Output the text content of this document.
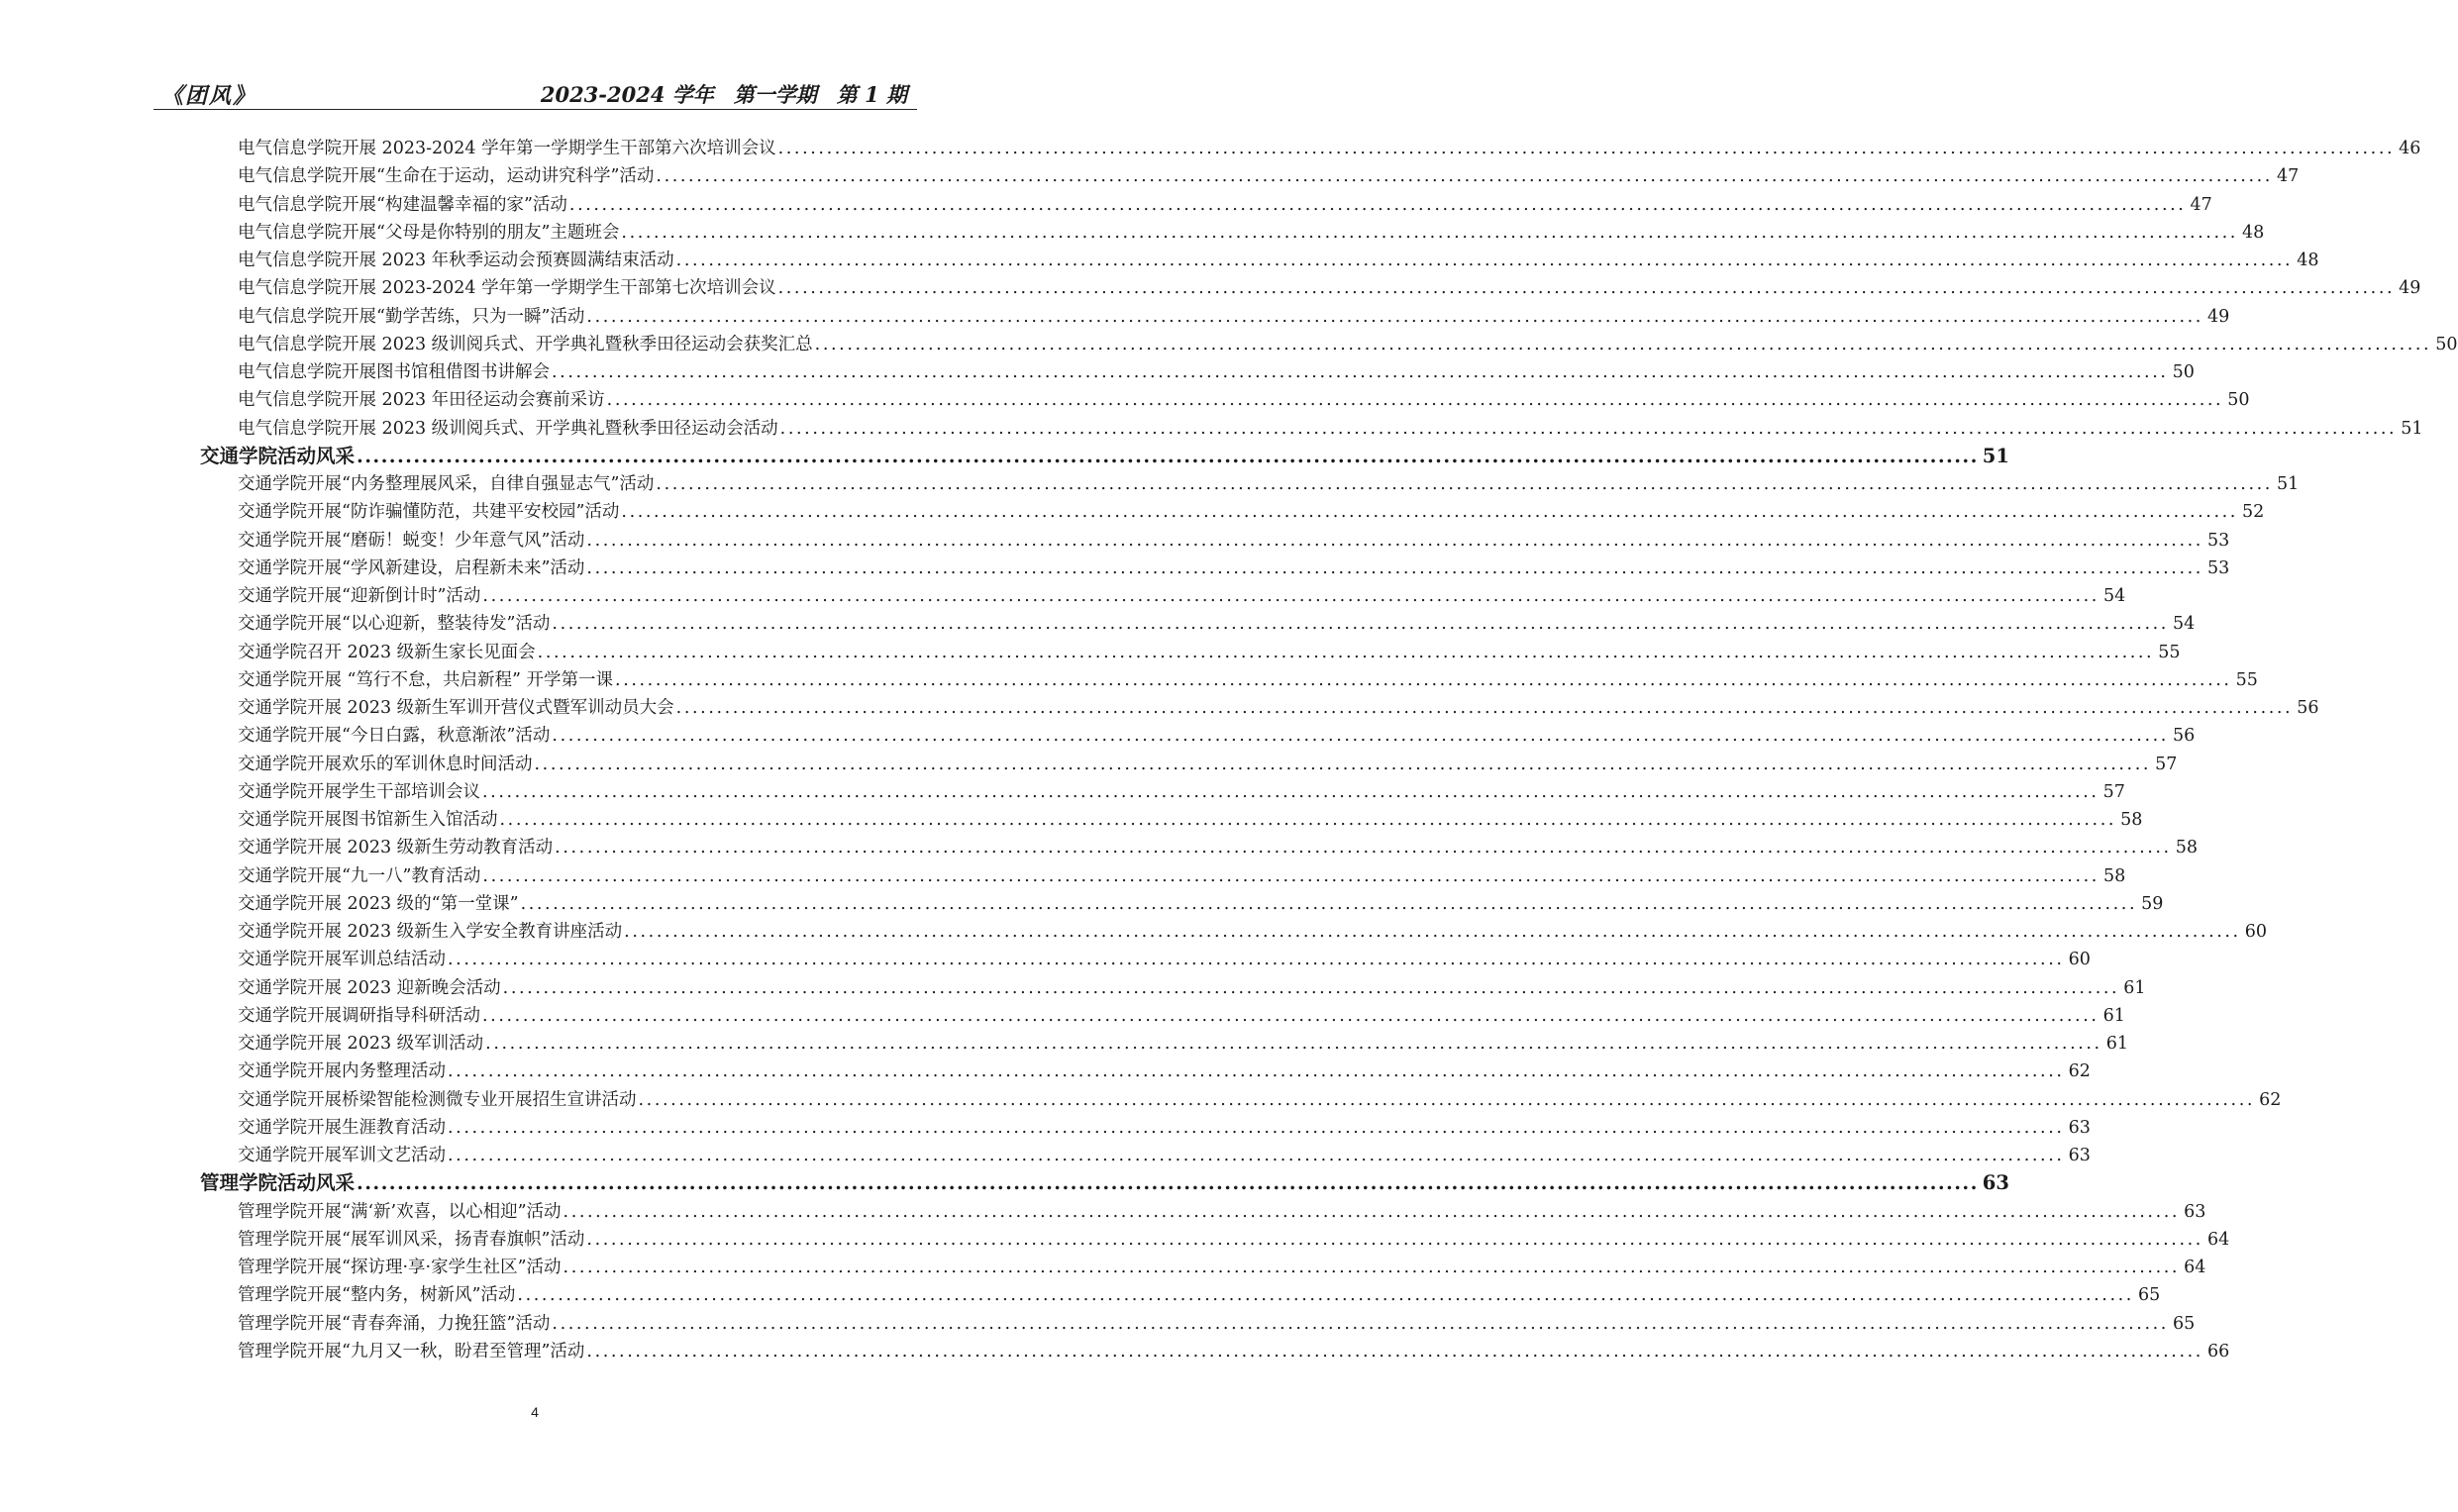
《团风》	2023-2024 学年 第一学期 第 1 期
电气信息学院开展 2023-2024 学年第一学期学生干部第六次培训会议 ........................................................................................................................................................................................................ 46
电气信息学院开展“生命在于运动，运动讲究科学”活动 ........................................................................................................................................................................................................ 47
电气信息学院开展“构建温馨幸福的家”活动 ........................................................................................................................................................................................................ 47
电气信息学院开展“父母是你特别的朋友”主题班会 ........................................................................................................................................................................................................ 48
电气信息学院开展 2023 年秋季运动会预赛圆满结束活动 ........................................................................................................................................................................................................ 48
电气信息学院开展 2023-2024 学年第一学期学生干部第七次培训会议 ........................................................................................................................................................................................................ 49
电气信息学院开展“勤学苦练，只为一瞬”活动 ........................................................................................................................................................................................................ 49
电气信息学院开展 2023 级训阅兵式、开学典礼暨秋季田径运动会获奖汇总 ........................................................................................................................................................................................................ 50
电气信息学院开展图书馆租借图书讲解会 ........................................................................................................................................................................................................ 50
电气信息学院开展 2023 年田径运动会赛前采访 ........................................................................................................................................................................................................ 50
电气信息学院开展 2023 级训阅兵式、开学典礼暨秋季田径运动会活动 ........................................................................................................................................................................................................ 51
交通学院活动风采 ........................................................................................................................................................................................................ 51
交通学院开展“内务整理展风采，自律自强显志气”活动 ........................................................................................................................................................................................................ 51
交通学院开展“防诈骗懂防范，共建平安校园”活动 ........................................................................................................................................................................................................ 52
交通学院开展“磨砺！蜕变！少年意气风”活动 ........................................................................................................................................................................................................ 53
交通学院开展“学风新建设，启程新未来”活动 ........................................................................................................................................................................................................ 53
交通学院开展“迎新倒计时”活动 ........................................................................................................................................................................................................ 54
交通学院开展“以心迎新，整装待发”活动 ........................................................................................................................................................................................................ 54
交通学院召开 2023 级新生家长见面会 ........................................................................................................................................................................................................ 55
交通学院开展 “笃行不怠，共启新程” 开学第一课 ........................................................................................................................................................................................................ 55
交通学院开展 2023 级新生军训开营仪式暨军训动员大会 ........................................................................................................................................................................................................ 56
交通学院开展“今日白露，秋意渐浓”活动 ........................................................................................................................................................................................................ 56
交通学院开展欢乐的军训休息时间活动 ........................................................................................................................................................................................................ 57
交通学院开展学生干部培训会议 ........................................................................................................................................................................................................ 57
交通学院开展图书馆新生入馆活动 ........................................................................................................................................................................................................ 58
交通学院开展 2023 级新生劳动教育活动 ........................................................................................................................................................................................................ 58
交通学院开展“九一八”教育活动 ........................................................................................................................................................................................................ 58
交通学院开展 2023 级的“第一堂课” ........................................................................................................................................................................................................ 59
交通学院开展 2023 级新生入学安全教育讲座活动 ........................................................................................................................................................................................................ 60
交通学院开展军训总结活动 ........................................................................................................................................................................................................ 60
交通学院开展 2023 迎新晚会活动 ........................................................................................................................................................................................................ 61
交通学院开展调研指导科研活动 ........................................................................................................................................................................................................ 61
交通学院开展 2023 级军训活动 ........................................................................................................................................................................................................ 61
交通学院开展内务整理活动 ........................................................................................................................................................................................................ 62
交通学院开展桥梁智能检测微专业开展招生宣讲活动 ........................................................................................................................................................................................................ 62
交通学院开展生涯教育活动 ........................................................................................................................................................................................................ 63
交通学院开展军训文艺活动 ........................................................................................................................................................................................................ 63
管理学院活动风采 ........................................................................................................................................................................................................ 63
管理学院开展“满‘新’欢喜，以心相迎”活动 ........................................................................................................................................................................................................ 63
管理学院开展“展军训风采，扬青春旗帜”活动 ........................................................................................................................................................................................................ 64
管理学院开展“探访理·享·家学生社区”活动 ........................................................................................................................................................................................................ 64
管理学院开展“整内务，树新风”活动 ........................................................................................................................................................................................................ 65
管理学院开展“青春奔涌，力挽狂篮”活动 ........................................................................................................................................................................................................ 65
管理学院开展“九月又一秋，盼君至管理”活动 ........................................................................................................................................................................................................ 66
4
